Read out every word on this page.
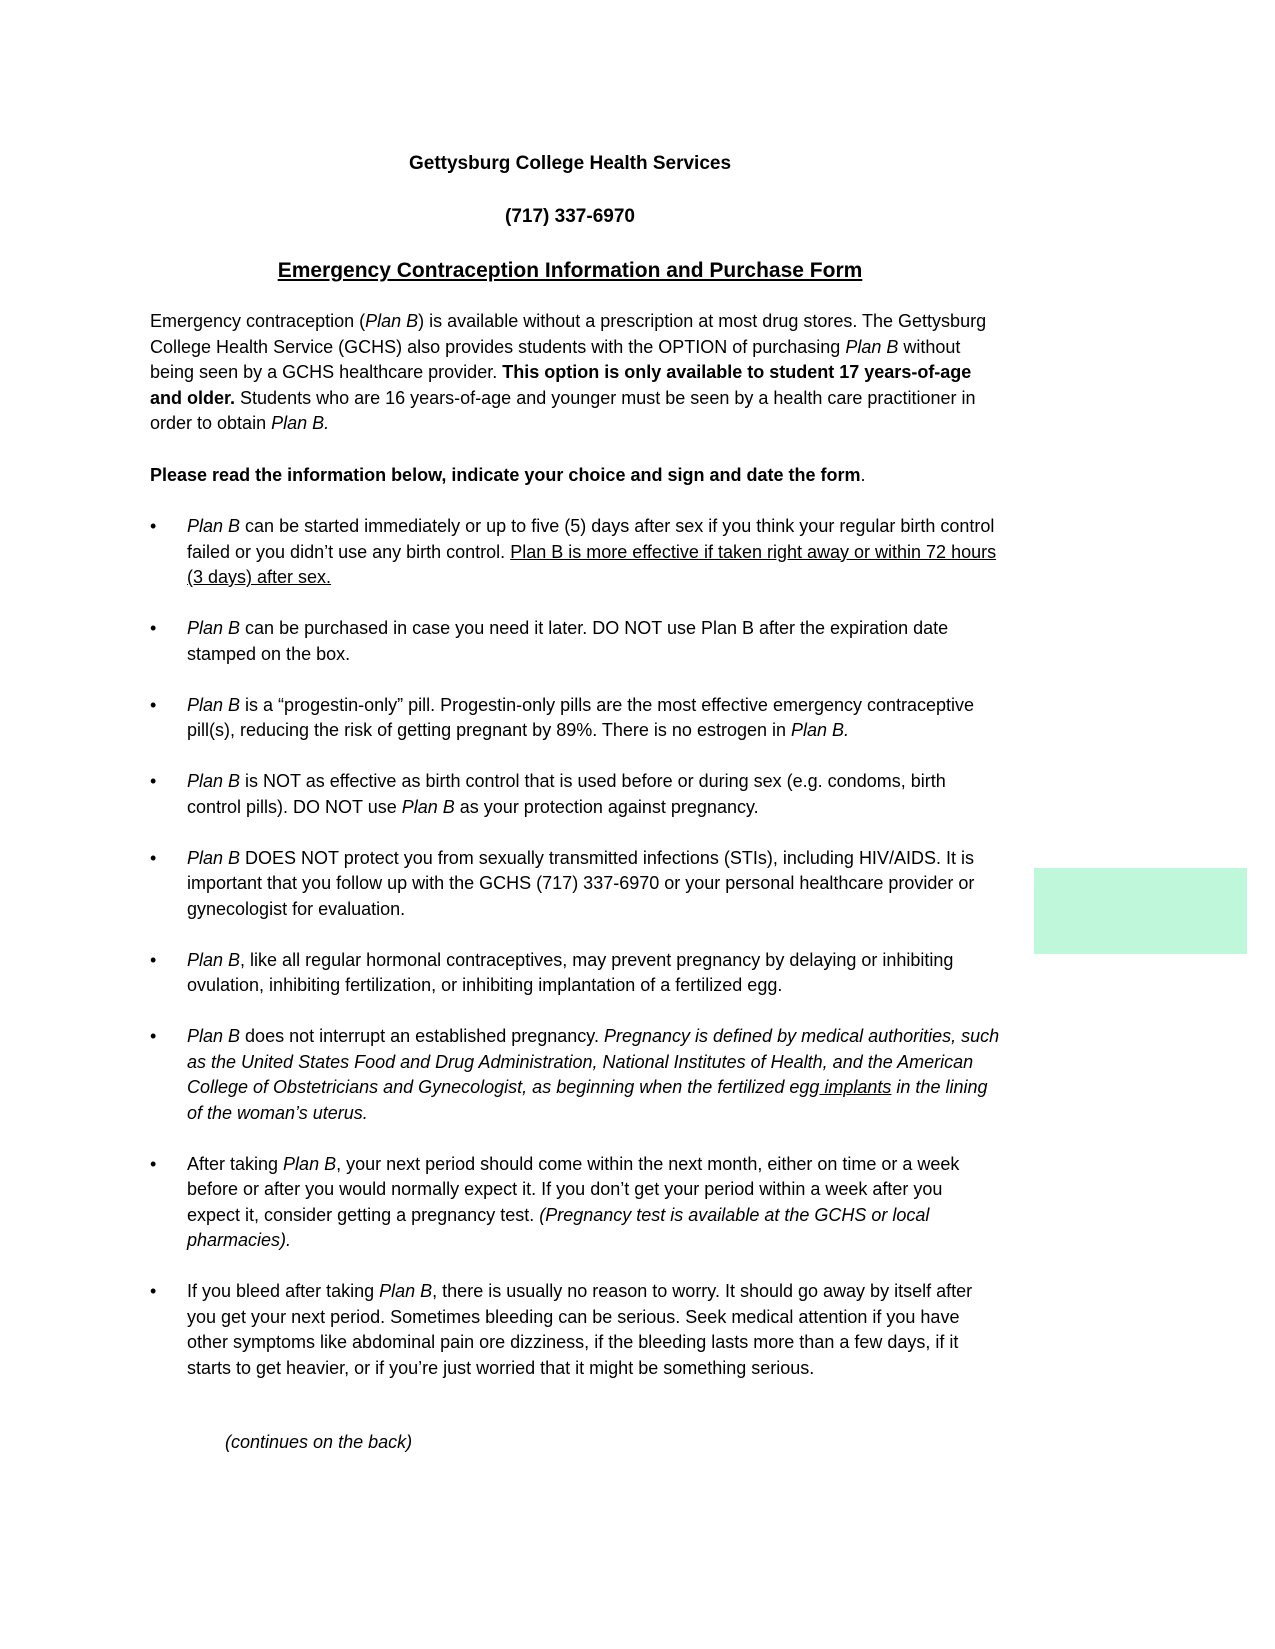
Gettysburg College Health Services
(717) 337-6970
Emergency Contraception Information and Purchase Form

Emergency contraception (Plan B) is available without a prescription at most drug stores. The Gettysburg College Health Service (GCHS) also provides students with the OPTION of purchasing Plan B without being seen by a GCHS healthcare provider. This option is only available to student 17 years-of-age and older. Students who are 16 years-of-age and younger must be seen by a health care practitioner in order to obtain Plan B.

Please read the information below, indicate your choice and sign and date the form.

•	Plan B can be started immediately or up to five (5) days after sex if you think your regular birth control failed or you didn’t use any birth control. Plan B is more effective if taken right away or within 72 hours (3 days) after sex.
•	Plan B can be purchased in case you need it later. DO NOT use Plan B after the expiration date stamped on the box.
•	Plan B is a “progestin-only” pill. Progestin-only pills are the most effective emergency contraceptive pill(s), reducing the risk of getting pregnant by 89%. There is no estrogen in Plan B.
•	Plan B is NOT as effective as birth control that is used before or during sex (e.g. condoms, birth control pills). DO NOT use Plan B as your protection against pregnancy.
•	Plan B DOES NOT protect you from sexually transmitted infections (STIs), including HIV/AIDS. It is important that you follow up with the GCHS (717) 337-6970 or your personal healthcare provider or gynecologist for evaluation.
•	Plan B, like all regular hormonal contraceptives, may prevent pregnancy by delaying or inhibiting ovulation, inhibiting fertilization, or inhibiting implantation of a fertilized egg.
•	Plan B does not interrupt an established pregnancy. Pregnancy is defined by medical authorities, such as the United States Food and Drug Administration, National Institutes of Health, and the American College of Obstetricians and Gynecologist, as beginning when the fertilized egg implants in the lining of the woman’s uterus.
•	After taking Plan B, your next period should come within the next month, either on time or a week before or after you would normally expect it. If you don’t get your period within a week after you expect it, consider getting a pregnancy test. (Pregnancy test is available at the GCHS or local pharmacies).
•	If you bleed after taking Plan B, there is usually no reason to worry. It should go away by itself after you get your next period. Sometimes bleeding can be serious. Seek medical attention if you have other symptoms like abdominal pain ore dizziness, if the bleeding lasts more than a few days, if it starts to get heavier, or if you’re just worried that it might be something serious.
(continues on the back)
